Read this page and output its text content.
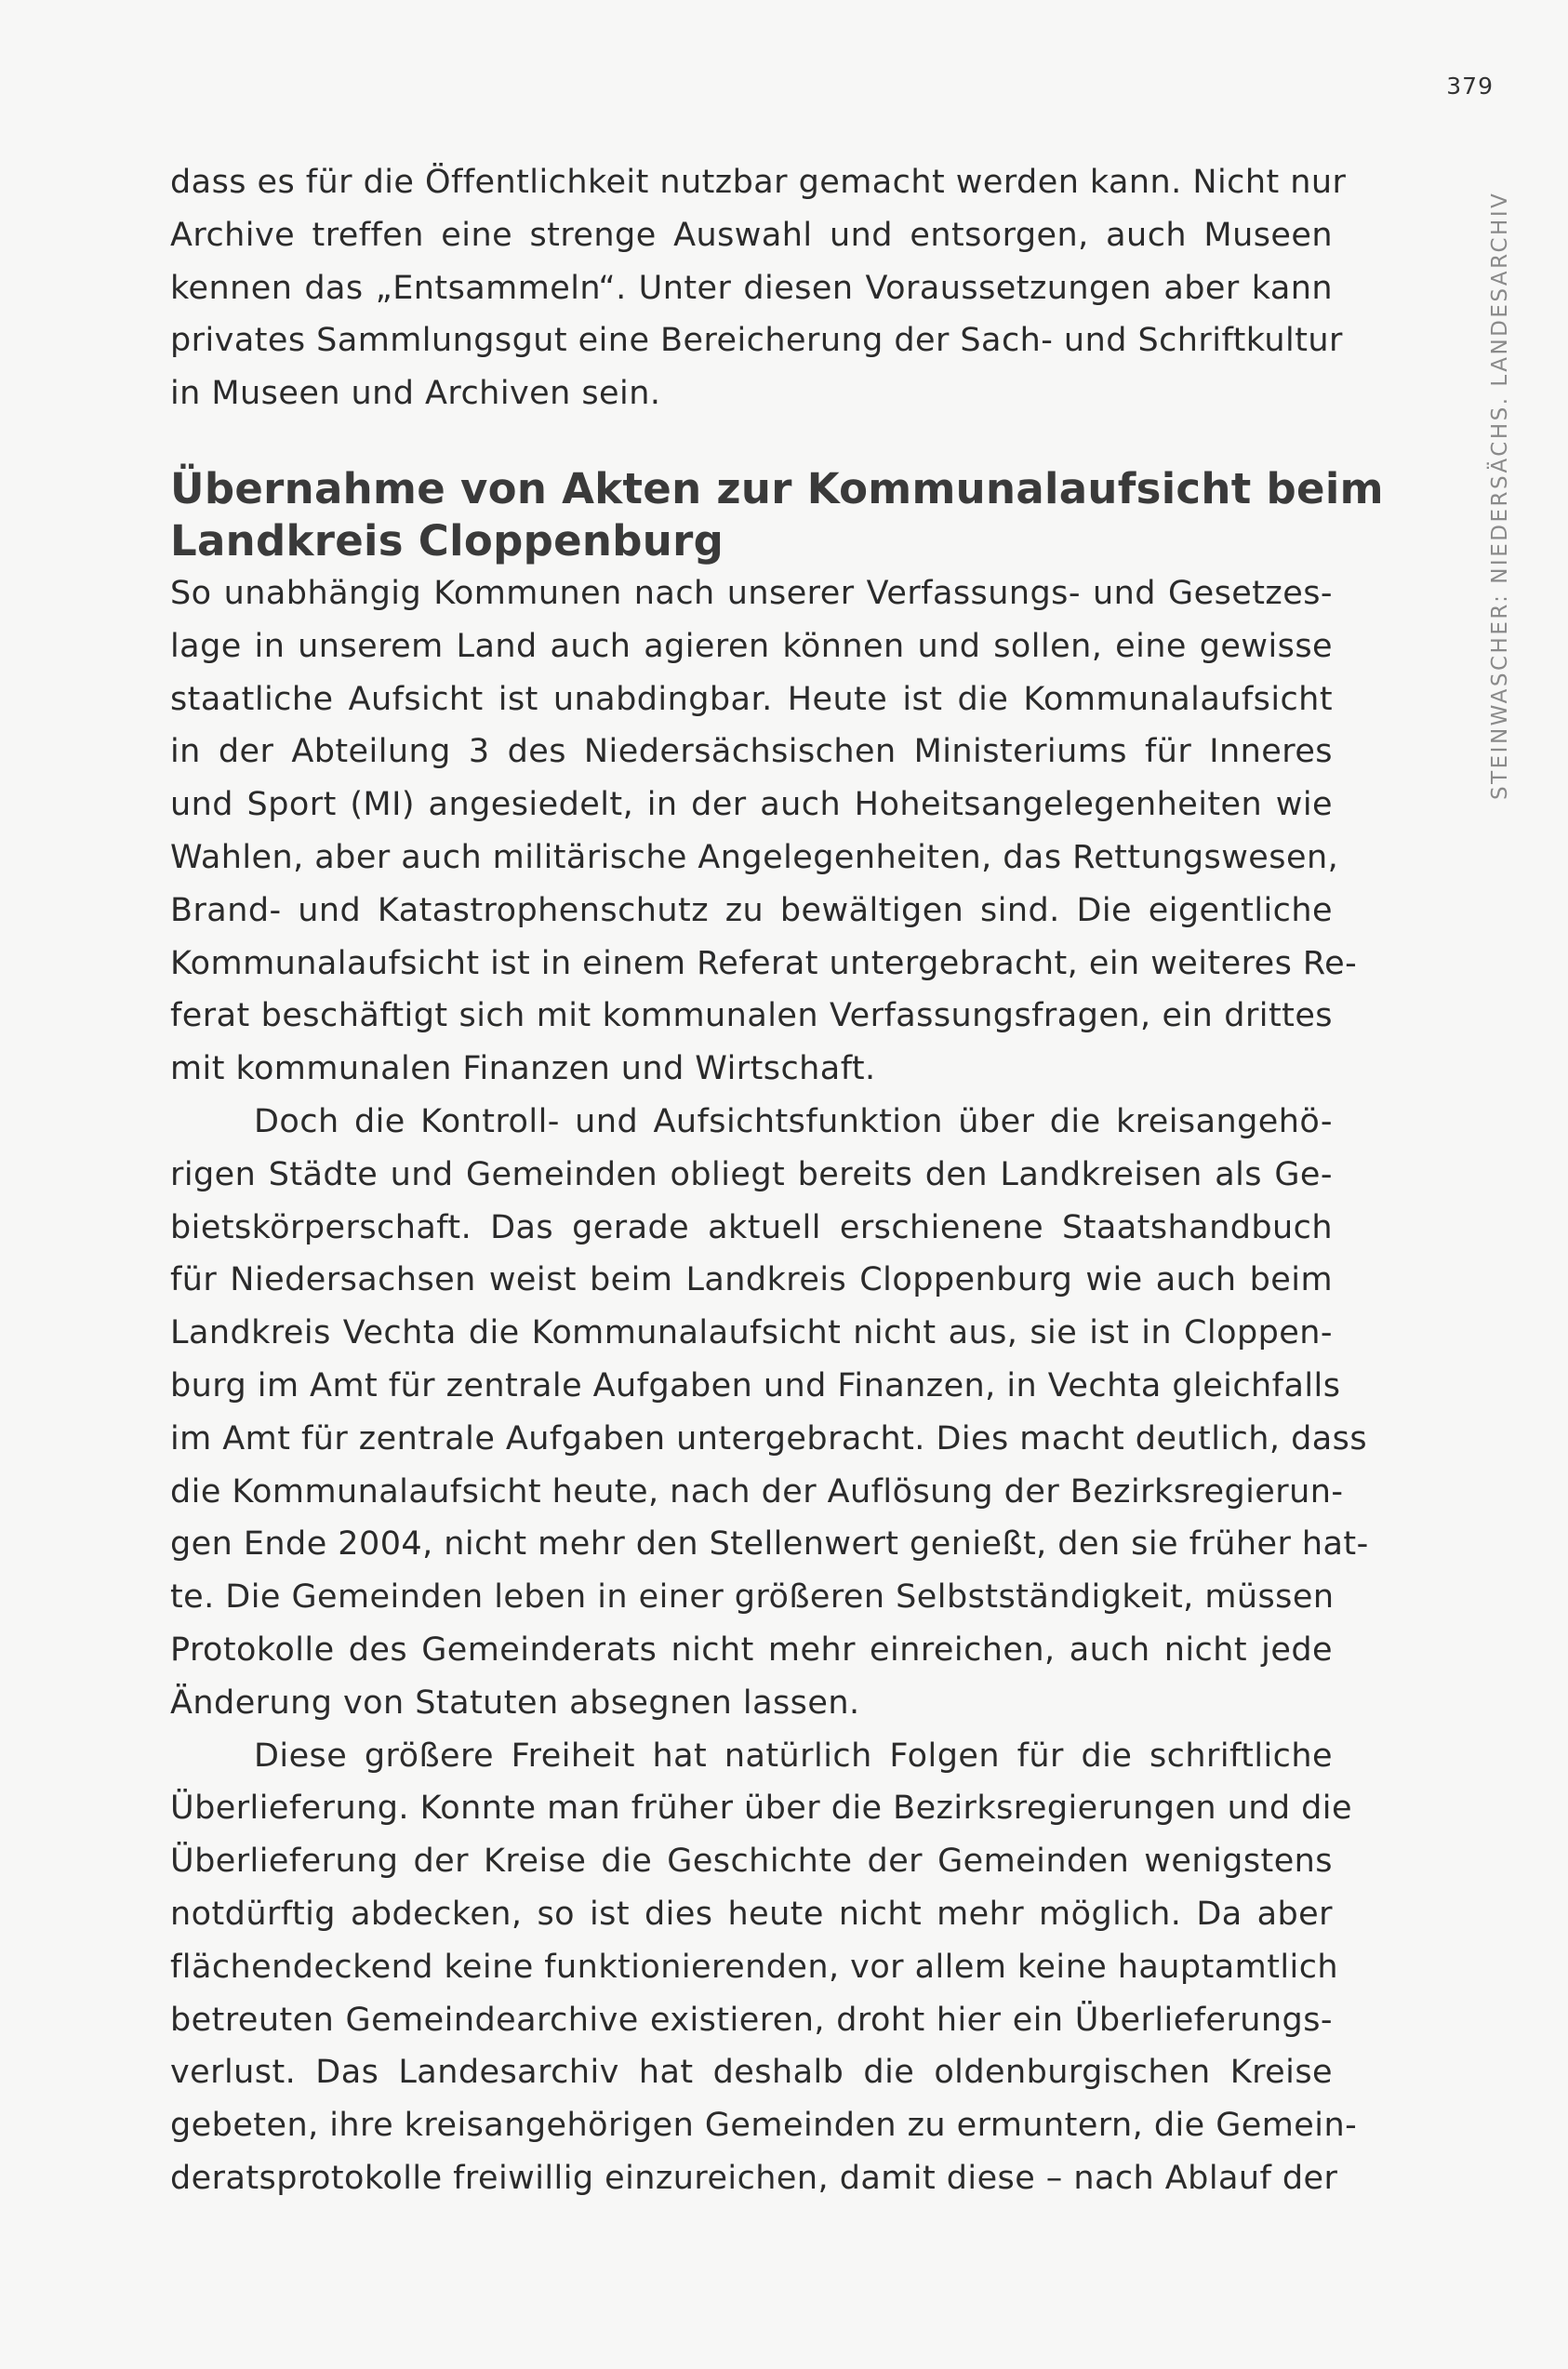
379
STEINWASCHER: NIEDERSÄCHS. LANDESARCHIV

dass es für die Öffentlichkeit nutzbar gemacht werden kann. Nicht nur
Archive treffen eine strenge Auswahl und entsorgen, auch Museen
kennen das „Entsammeln“. Unter diesen Voraussetzungen aber kann
privates Sammlungsgut eine Bereicherung der Sach- und Schriftkultur
in Museen und Archiven sein.

Übernahme von Akten zur Kommunalaufsicht beim
Landkreis Cloppenburg

So unabhängig Kommunen nach unserer Verfassungs- und Gesetzes-
lage in unserem Land auch agieren können und sollen, eine gewisse
staatliche Aufsicht ist unabdingbar. Heute ist die Kommunalaufsicht
in der Abteilung 3 des Niedersächsischen Ministeriums für Inneres
und Sport (MI) angesiedelt, in der auch Hoheitsangelegenheiten wie
Wahlen, aber auch militärische Angelegenheiten, das Rettungswesen,
Brand- und Katastrophenschutz zu bewältigen sind. Die eigentliche
Kommunalaufsicht ist in einem Referat untergebracht, ein weiteres Re-
ferat beschäftigt sich mit kommunalen Verfassungsfragen, ein drittes
mit kommunalen Finanzen und Wirtschaft.

Doch die Kontroll- und Aufsichtsfunktion über die kreisangehö-
rigen Städte und Gemeinden obliegt bereits den Landkreisen als Ge-
bietskörperschaft. Das gerade aktuell erschienene Staatshandbuch
für Niedersachsen weist beim Landkreis Cloppenburg wie auch beim
Landkreis Vechta die Kommunalaufsicht nicht aus, sie ist in Cloppen-
burg im Amt für zentrale Aufgaben und Finanzen, in Vechta gleichfalls
im Amt für zentrale Aufgaben untergebracht. Dies macht deutlich, dass
die Kommunalaufsicht heute, nach der Auflösung der Bezirksregierun-
gen Ende 2004, nicht mehr den Stellenwert genießt, den sie früher hat-
te. Die Gemeinden leben in einer größeren Selbstständigkeit, müssen
Protokolle des Gemeinderats nicht mehr einreichen, auch nicht jede
Änderung von Statuten absegnen lassen.

Diese größere Freiheit hat natürlich Folgen für die schriftliche
Überlieferung. Konnte man früher über die Bezirksregierungen und die
Überlieferung der Kreise die Geschichte der Gemeinden wenigstens
notdürftig abdecken, so ist dies heute nicht mehr möglich. Da aber
flächendeckend keine funktionierenden, vor allem keine hauptamtlich
betreuten Gemeindearchive existieren, droht hier ein Überlieferungs-
verlust. Das Landesarchiv hat deshalb die oldenburgischen Kreise
gebeten, ihre kreisangehörigen Gemeinden zu ermuntern, die Gemein-
deratsprotokolle freiwillig einzureichen, damit diese – nach Ablauf der
